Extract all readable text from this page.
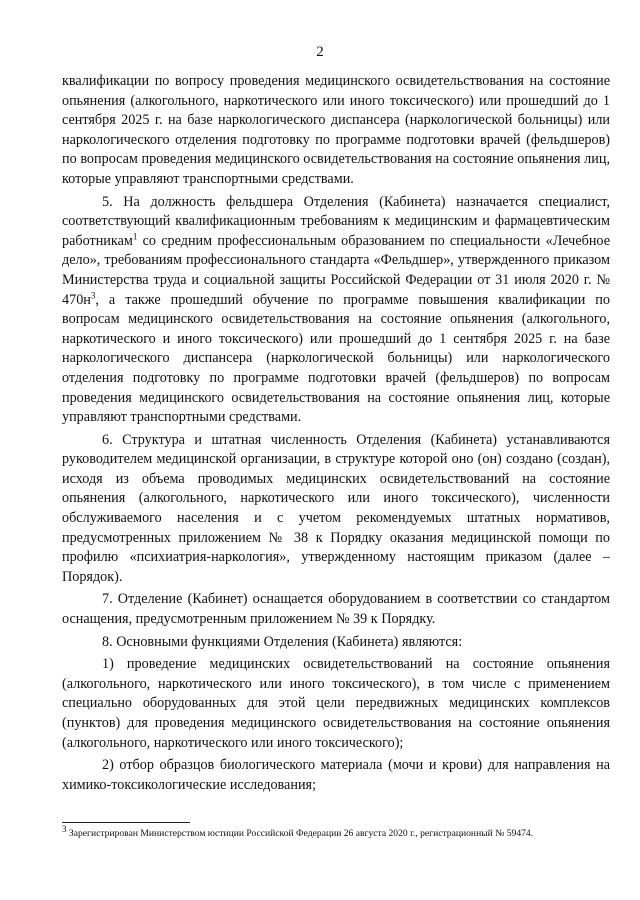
2

квалификации по вопросу проведения медицинского освидетельствования на состояние опьянения (алкогольного, наркотического или иного токсического) или прошедший до 1 сентября 2025 г. на базе наркологического диспансера (наркологической больницы) или наркологического отделения подготовку по программе подготовки врачей (фельдшеров) по вопросам проведения медицинского освидетельствования на состояние опьянения лиц, которые управляют транспортными средствами.

5. На должность фельдшера Отделения (Кабинета) назначается специалист, соответствующий квалификационным требованиям к медицинским и фармацевтическим работникам$^1$ со средним профессиональным образованием по специальности «Лечебное дело», требованиям профессионального стандарта «Фельдшер», утвержденного приказом Министерства труда и социальной защиты Российской Федерации от 31 июля 2020 г. № $470н^3$, а также прошедший обучение по программе повышения квалификации по вопросам медицинского освидетельствования на состояние опьянения (алкогольного, наркотического и иного токсического) или прошедший до 1 сентября 2025 г. на базе наркологического диспансера (наркологической больницы) или наркологического отделения подготовку по программе подготовки врачей (фельдшеров) по вопросам проведения медицинского освидетельствования на состояние опьянения лиц, которые управляют транспортными средствами.

6. Структура и штатная численность Отделения (Кабинета) устанавливаются руководителем медицинской организации, в структуре которой оно (он) создано (создан), исходя из объема проводимых медицинских освидетельствований на состояние опьянения (алкогольного, наркотического или иного токсического), численности обслуживаемого населения и с учетом рекомендуемых штатных нормативов, предусмотренных приложением № 38 к Порядку оказания медицинской помощи по профилю «психиатрия-наркология», утвержденному настоящим приказом (далее – Порядок).

7. Отделение (Кабинет) оснащается оборудованием в соответствии со стандартом оснащения, предусмотренным приложением № 39 к Порядку.

8. Основными функциями Отделения (Кабинета) являются:

1) проведение медицинских освидетельствований на состояние опьянения (алкогольного, наркотического или иного токсического), в том числе с применением специально оборудованных для этой цели передвижных медицинских комплексов (пунктов) для проведения медицинского освидетельствования на состояние опьянения (алкогольного, наркотического или иного токсического);

2) отбор образцов биологического материала (мочи и крови) для направления на химико-токсикологические исследования;

$^3$ Зарегистрирован Министерством юстиции Российской Федерации 26 августа 2020 г., регистрационный № 59474.
